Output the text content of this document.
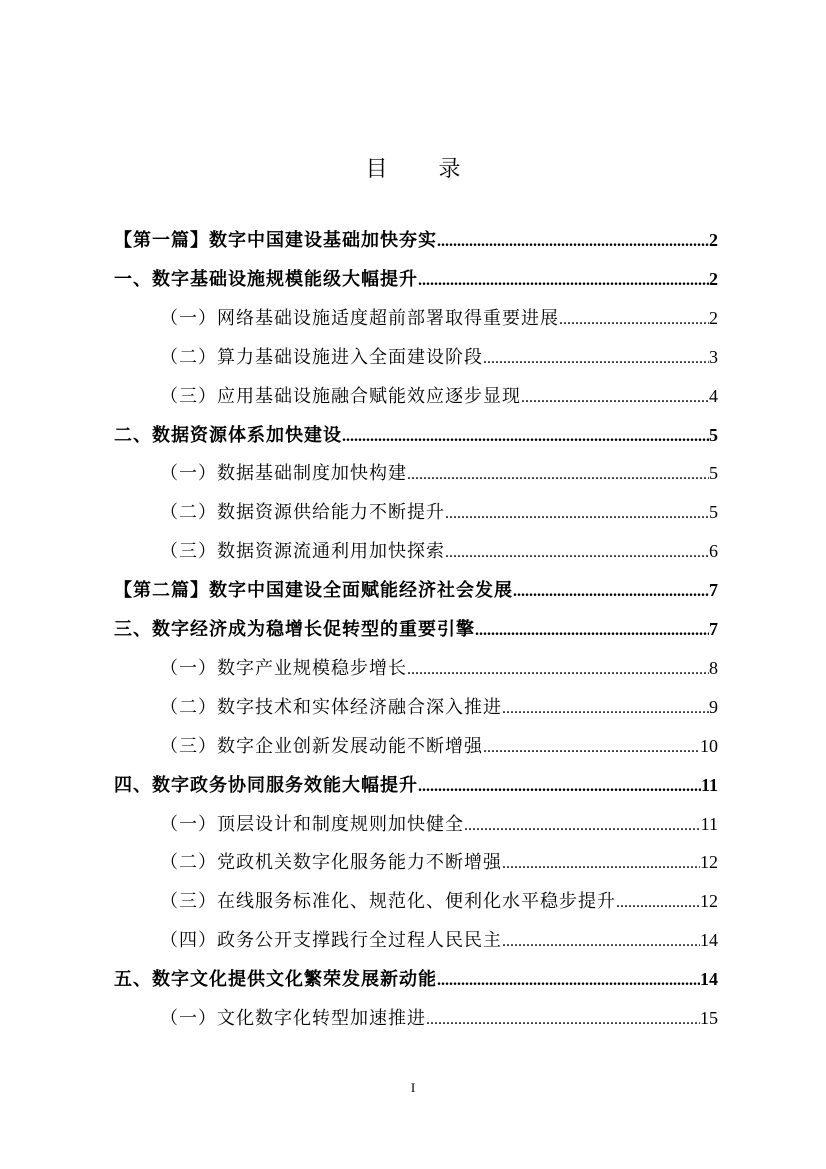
目 录
【第一篇】数字中国建设基础加快夯实 .....	2
一、数字基础设施规模能级大幅提升 .....	2
（一）网络基础设施适度超前部署取得重要进展 .....	2
（二）算力基础设施进入全面建设阶段 .....	3
（三）应用基础设施融合赋能效应逐步显现 .....	4
二、数据资源体系加快建设 .....	5
（一）数据基础制度加快构建 .....	5
（二）数据资源供给能力不断提升 .....	5
（三）数据资源流通利用加快探索 .....	6
【第二篇】数字中国建设全面赋能经济社会发展 .....	7
三、数字经济成为稳增长促转型的重要引擎 .....	7
（一）数字产业规模稳步增长 .....	8
（二）数字技术和实体经济融合深入推进 .....	9
（三）数字企业创新发展动能不断增强 .....	10
四、数字政务协同服务效能大幅提升 .....	11
（一）顶层设计和制度规则加快健全 .....	11
（二）党政机关数字化服务能力不断增强 .....	12
（三）在线服务标准化、规范化、便利化水平稳步提升 .....	12
（四）政务公开支撑践行全过程人民民主 .....	14
五、数字文化提供文化繁荣发展新动能 .....	14
（一）文化数字化转型加速推进 .....	15
I
